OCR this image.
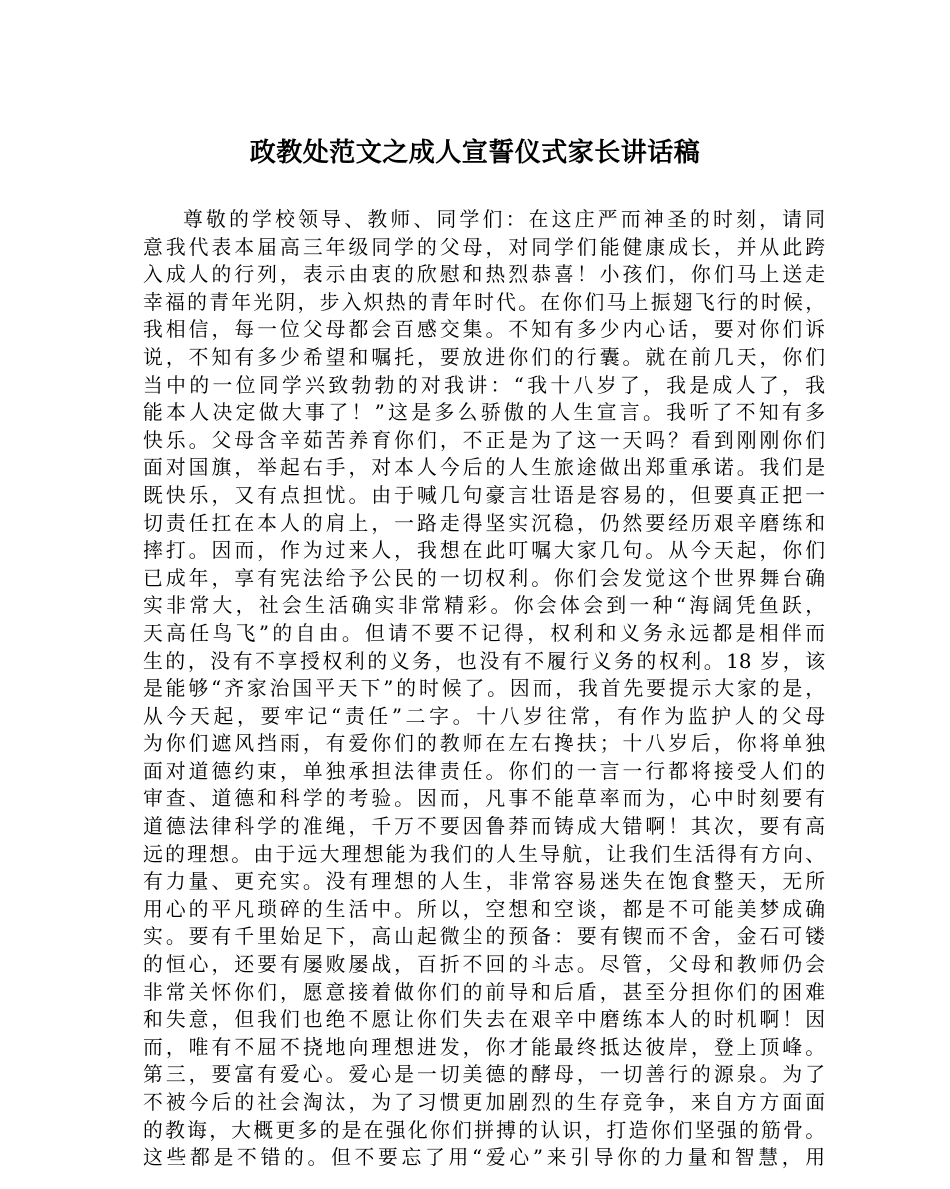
政教处范文之成人宣誓仪式家长讲话稿
尊敬的学校领导、教师、同学们：在这庄严而神圣的时刻，请同
意我代表本届高三年级同学的父母，对同学们能健康成长，并从此跨
入成人的行列，表示由衷的欣慰和热烈恭喜！小孩们，你们马上送走
幸福的青年光阴，步入炽热的青年时代。在你们马上振翅飞行的时候，
我相信，每一位父母都会百感交集。不知有多少内心话，要对你们诉
说，不知有多少希望和嘱托，要放进你们的行囊。就在前几天，你们
当中的一位同学兴致勃勃的对我讲：“我十八岁了，我是成人了，我
能本人决定做大事了！”这是多么骄傲的人生宣言。我听了不知有多
快乐。父母含辛茹苦养育你们，不正是为了这一天吗？看到刚刚你们
面对国旗，举起右手，对本人今后的人生旅途做出郑重承诺。我们是
既快乐，又有点担忧。由于喊几句豪言壮语是容易的，但要真正把一
切责任扛在本人的肩上，一路走得坚实沉稳，仍然要经历艰辛磨练和
摔打。因而，作为过来人，我想在此叮嘱大家几句。从今天起，你们
已成年，享有宪法给予公民的一切权利。你们会发觉这个世界舞台确
实非常大，社会生活确实非常精彩。你会体会到一种“海阔凭鱼跃，
天高任鸟飞”的自由。但请不要不记得，权利和义务永远都是相伴而
生的，没有不享授权利的义务，也没有不履行义务的权利。18 岁，该
是能够“齐家治国平天下”的时候了。因而，我首先要提示大家的是，
从今天起，要牢记“责任”二字。十八岁往常，有作为监护人的父母
为你们遮风挡雨，有爱你们的教师在左右搀扶；十八岁后，你将单独
面对道德约束，单独承担法律责任。你们的一言一行都将接受人们的
审查、道德和科学的考验。因而，凡事不能草率而为，心中时刻要有
道德法律科学的准绳，千万不要因鲁莽而铸成大错啊！其次，要有高
远的理想。由于远大理想能为我们的人生导航，让我们生活得有方向、
有力量、更充实。没有理想的人生，非常容易迷失在饱食整天，无所
用心的平凡琐碎的生活中。所以，空想和空谈，都是不可能美梦成确
实。要有千里始足下，高山起微尘的预备：要有锲而不舍，金石可镂
的恒心，还要有屡败屡战，百折不回的斗志。尽管，父母和教师仍会
非常关怀你们，愿意接着做你们的前导和后盾，甚至分担你们的困难
和失意，但我们也绝不愿让你们失去在艰辛中磨练本人的时机啊！因
而，唯有不屈不挠地向理想进发，你才能最终抵达彼岸，登上顶峰。
第三，要富有爱心。爱心是一切美德的酵母，一切善行的源泉。为了
不被今后的社会淘汰，为了习惯更加剧烈的生存竞争，来自方方面面
的教诲，大概更多的是在强化你们拼搏的认识，打造你们坚强的筋骨。
这些都是不错的。但不要忘了用“爱心”来引导你的力量和智慧，用
